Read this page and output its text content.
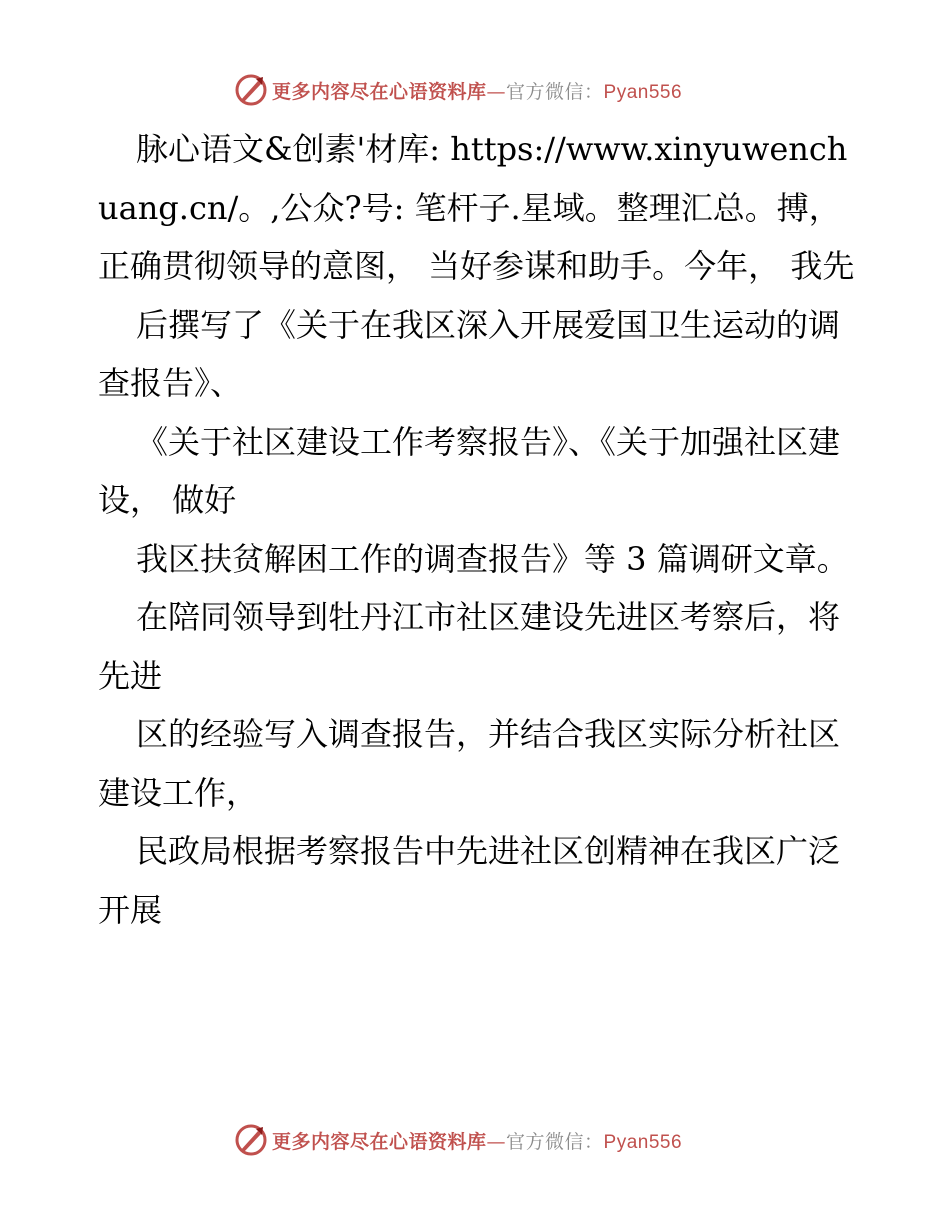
更多内容尽在心语资料库—官方微信：Pyan556

脉心语文&创素'材库: https://www.xinyuwenchuang.cn/。,公众?号: 笔杆子.星域。整理汇总。搏， 正确贯彻领导的意图， 当好参谋和助手。今年， 我先

后撰写了《关于在我区深入开展爱国卫生运动的调查报告》、

《关于社区建设工作考察报告》、《关于加强社区建设， 做好

我区扶贫解困工作的调查报告》等 3 篇调研文章。

在陪同领导到牡丹江市社区建设先进区考察后，将先进

区的经验写入调查报告，并结合我区实际分析社区建设工作，

民政局根据考察报告中先进社区创精神在我区广泛开展

更多内容尽在心语资料库—官方微信：Pyan556
